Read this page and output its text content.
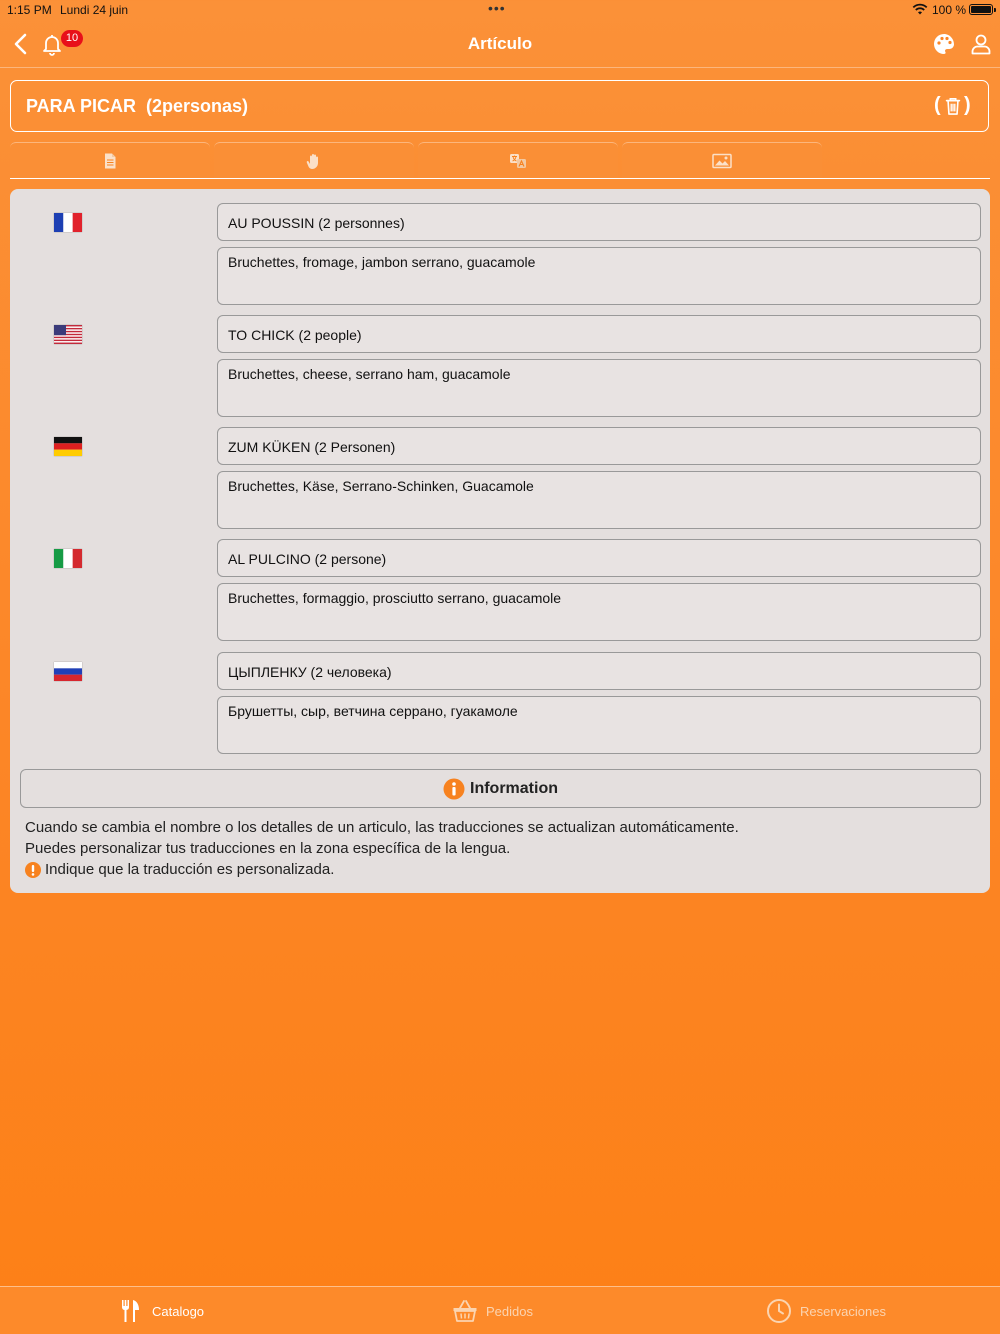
1:15 PM Lundi 24 juin	•••	100 %
10	Artículo
PARA PICAR  (2personas)	( )
AU POUSSIN (2 personnes)
Bruchettes, fromage, jambon serrano, guacamole
TO CHICK (2 people)
Bruchettes, cheese, serrano ham, guacamole
ZUM KÜKEN (2 Personen)
Bruchettes, Käse, Serrano-Schinken, Guacamole
AL PULCINO (2 persone)
Bruchettes, formaggio, prosciutto serrano, guacamole
ЦЫПЛЕНКУ (2 человека)
Брушетты, сыр, ветчина серрано, гуакамоле
Information
Cuando se cambia el nombre o los detalles de un articulo, las traducciones se actualizan automáticamente.
Puedes personalizar tus traducciones en la zona específica de la lengua.
Indique que la traducción es personalizada.
Catalogo	Pedidos	Reservaciones
